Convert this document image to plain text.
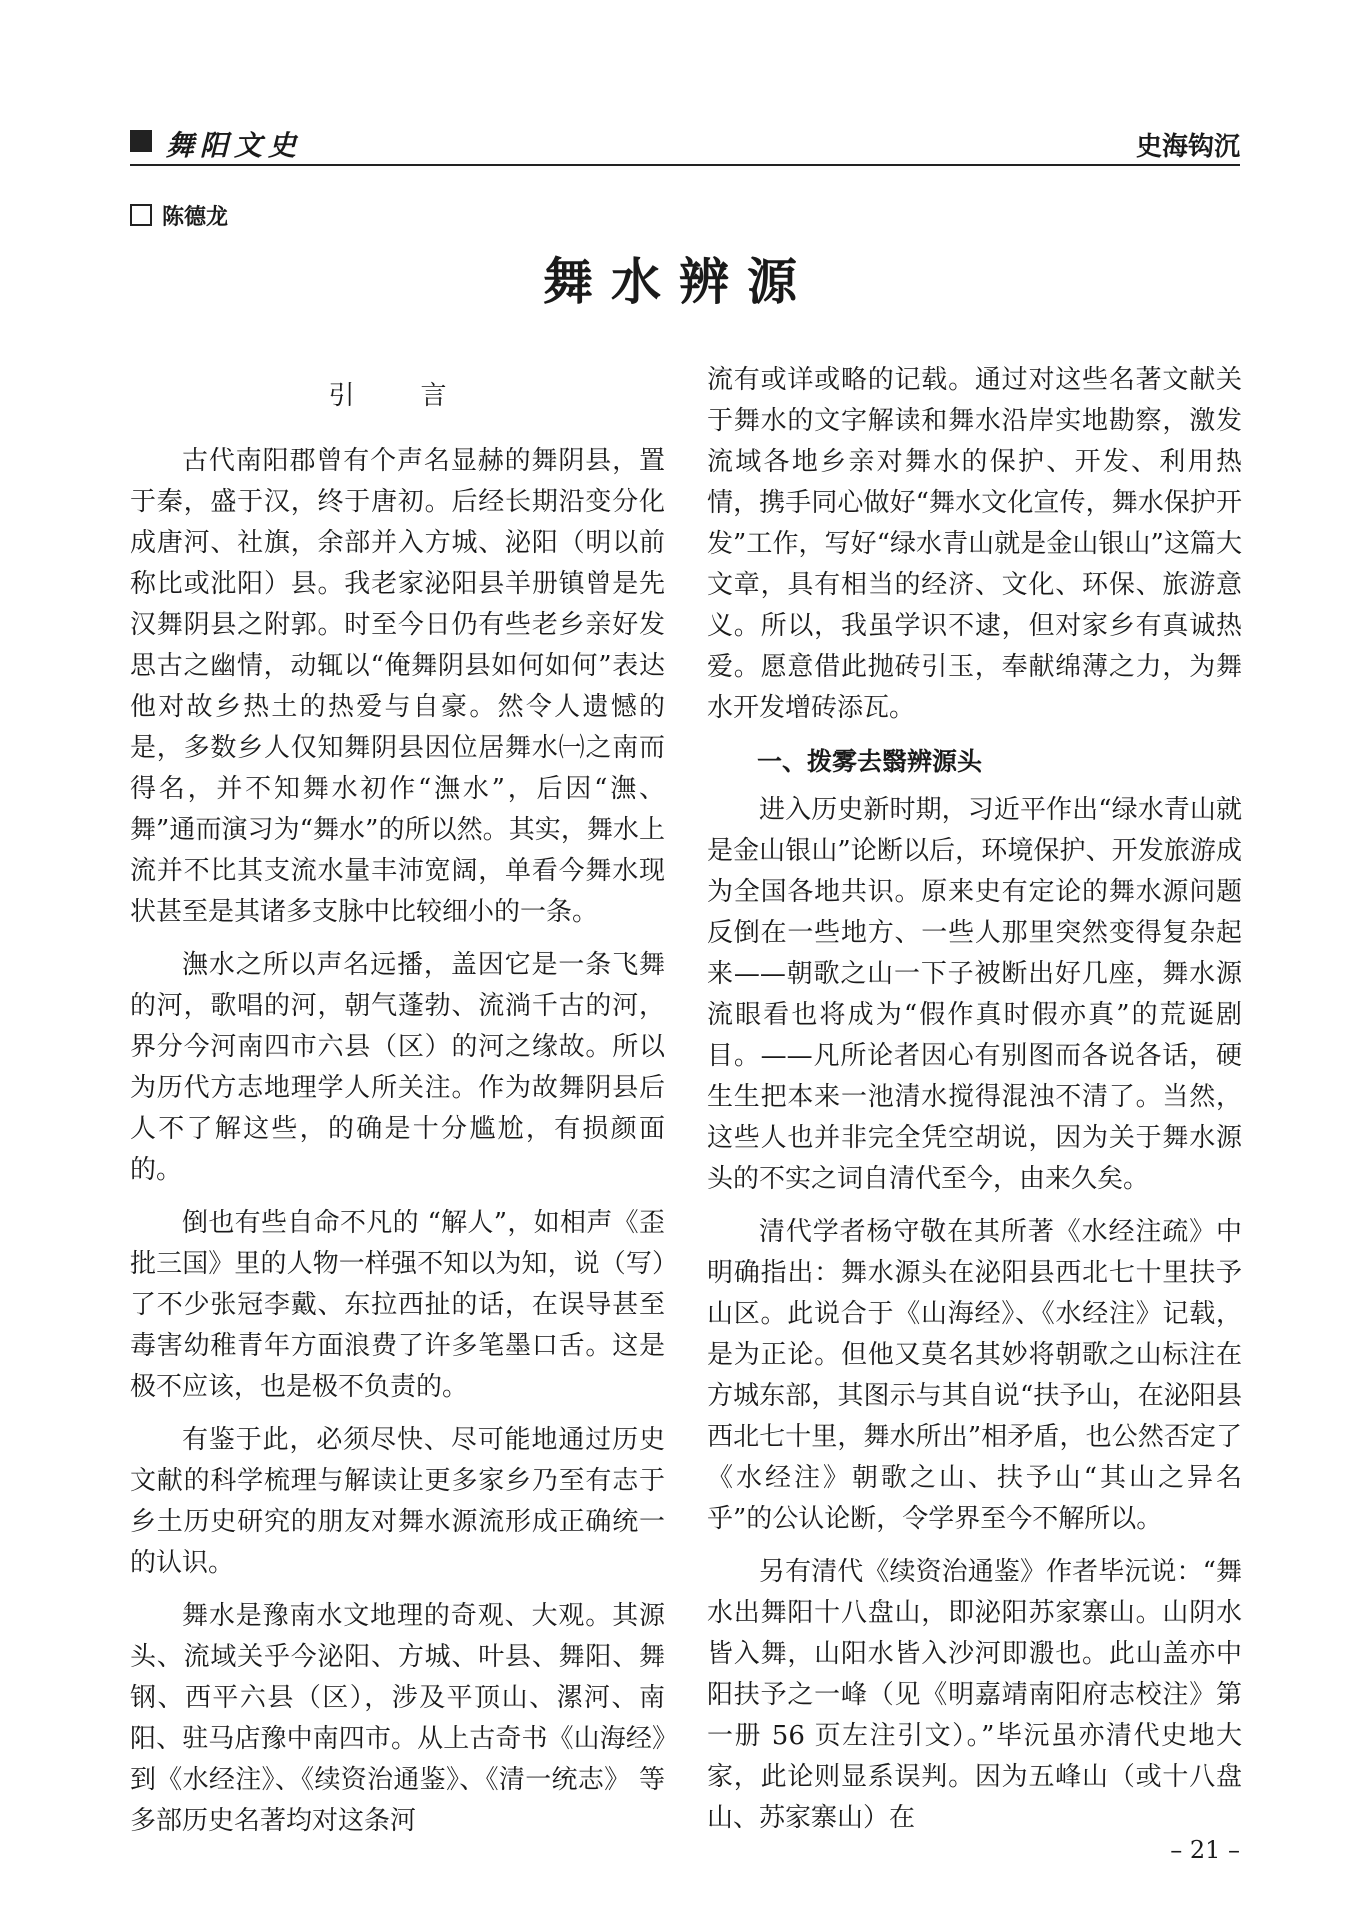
舞阳文史	史海钩沉
陈德龙
舞水辨源
引　言

古代南阳郡曾有个声名显赫的舞阴县，置于秦，盛于汉，终于唐初。后经长期沿变分化成唐河、社旗，余部并入方城、泌阳（明以前称比或沘阳）县。我老家泌阳县羊册镇曾是先汉舞阴县之附郭。时至今日仍有些老乡亲好发思古之幽情，动辄以“俺舞阴县如何如何”表达他对故乡热土的热爱与自豪。然令人遗憾的是，多数乡人仅知舞阴县因位居舞水㈠之南而得名，并不知舞水初作“潕水”，后因“潕、舞”通而演习为“舞水”的所以然。其实，舞水上流并不比其支流水量丰沛宽阔，单看今舞水现状甚至是其诸多支脉中比较细小的一条。

潕水之所以声名远播，盖因它是一条飞舞的河，歌唱的河，朝气蓬勃、流淌千古的河，界分今河南四市六县（区）的河之缘故。所以为历代方志地理学人所关注。作为故舞阴县后人不了解这些，的确是十分尴尬，有损颜面的。

倒也有些自命不凡的 “解人”，如相声《歪批三国》里的人物一样强不知以为知，说（写）了不少张冠李戴、东拉西扯的话，在误导甚至毒害幼稚青年方面浪费了许多笔墨口舌。这是极不应该，也是极不负责的。

有鉴于此，必须尽快、尽可能地通过历史文献的科学梳理与解读让更多家乡乃至有志于乡土历史研究的朋友对舞水源流形成正确统一的认识。

舞水是豫南水文地理的奇观、大观。其源头、流域关乎今泌阳、方城、叶县、舞阳、舞钢、西平六县（区），涉及平顶山、漯河、南阳、驻马店豫中南四市。从上古奇书《山海经》到《水经注》、《续资治通鉴》、《清一统志》 等多部历史名著均对这条河

流有或详或略的记载。通过对这些名著文献关于舞水的文字解读和舞水沿岸实地勘察，激发流域各地乡亲对舞水的保护、开发、利用热情，携手同心做好“舞水文化宣传，舞水保护开发”工作，写好“绿水青山就是金山银山”这篇大文章，具有相当的经济、文化、环保、旅游意义。所以，我虽学识不逮，但对家乡有真诚热爱。愿意借此抛砖引玉，奉献绵薄之力，为舞水开发增砖添瓦。

一、拨雾去翳辨源头

进入历史新时期，习近平作出“绿水青山就是金山银山”论断以后，环境保护、开发旅游成为全国各地共识。原来史有定论的舞水源问题反倒在一些地方、一些人那里突然变得复杂起来——朝歌之山一下子被断出好几座，舞水源流眼看也将成为“假作真时假亦真”的荒诞剧目。——凡所论者因心有别图而各说各话，硬生生把本来一池清水搅得混浊不清了。当然，这些人也并非完全凭空胡说，因为关于舞水源头的不实之词自清代至今，由来久矣。

清代学者杨守敬在其所著《水经注疏》中明确指出：舞水源头在泌阳县西北七十里扶予山区。此说合于《山海经》、《水经注》记载，是为正论。但他又莫名其妙将朝歌之山标注在方城东部，其图示与其自说“扶予山，在泌阳县西北七十里，舞水所出”相矛盾，也公然否定了《水经注》朝歌之山、扶予山“其山之异名乎”的公认论断，令学界至今不解所以。

另有清代《续资治通鉴》作者毕沅说：“舞水出舞阳十八盘山，即泌阳苏家寨山。山阴水皆入舞，山阳水皆入沙河即溵也。此山盖亦中阳扶予之一峰（见《明嘉靖南阳府志校注》第一册 56 页左注引文）。”毕沅虽亦清代史地大家，此论则显系误判。因为五峰山（或十八盘山、苏家寨山）在

– 21 –
